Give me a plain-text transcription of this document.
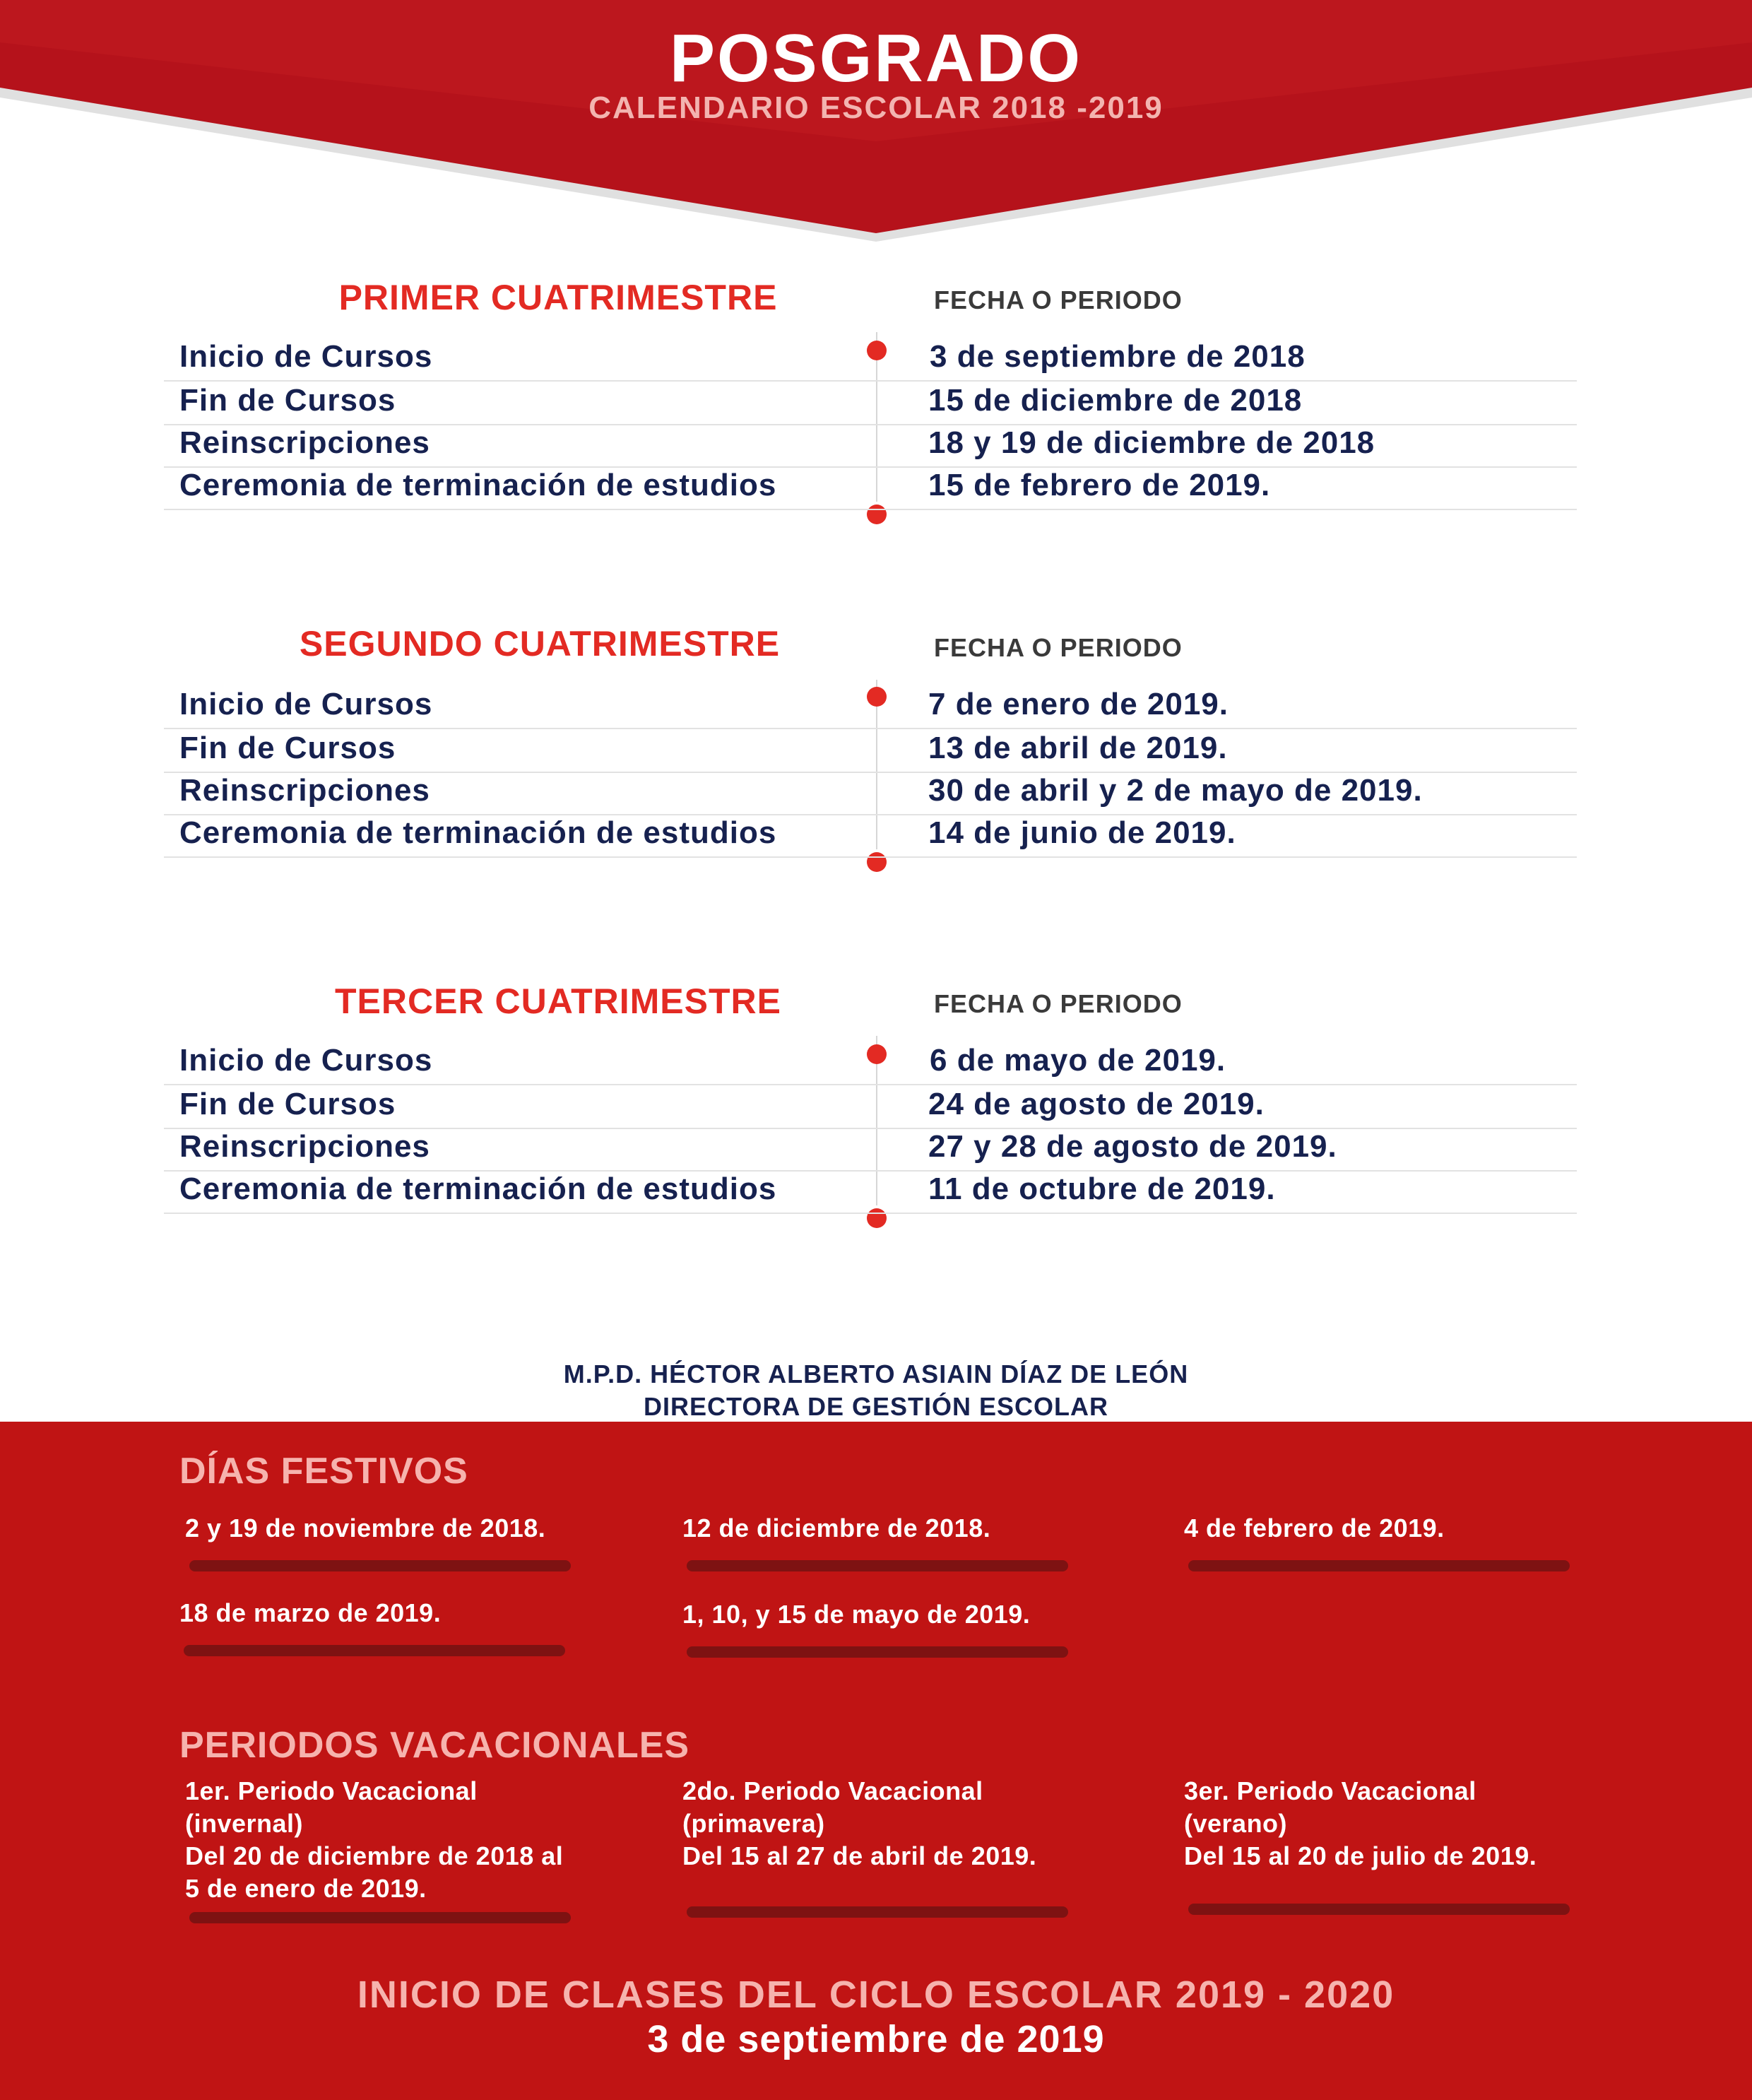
POSGRADO
CALENDARIO ESCOLAR 2018 -2019
PRIMER CUATRIMESTRE	FECHA O PERIODO
Inicio de Cursos	3 de septiembre de 2018
Fin de Cursos	15 de diciembre de 2018
Reinscripciones	18 y 19 de diciembre de 2018
Ceremonia de terminación de estudios	15 de febrero de 2019.
SEGUNDO CUATRIMESTRE	FECHA O PERIODO
Inicio de Cursos	7 de enero de 2019.
Fin de Cursos	13 de abril de 2019.
Reinscripciones	30 de abril y 2 de mayo de 2019.
Ceremonia de terminación de estudios	14 de junio de 2019.
TERCER CUATRIMESTRE	FECHA O PERIODO
Inicio de Cursos	6 de mayo de 2019.
Fin de Cursos	24 de agosto de 2019.
Reinscripciones	27 y 28 de agosto de 2019.
Ceremonia de terminación de estudios	11 de octubre de 2019.
M.P.D. HÉCTOR ALBERTO ASIAIN DÍAZ DE LEÓN
DIRECTORA DE GESTIÓN ESCOLAR
DÍAS FESTIVOS
2 y 19 de noviembre de 2018.	12 de diciembre de 2018.	4 de febrero de 2019.
18 de marzo de 2019.	1, 10, y 15 de mayo de 2019.
PERIODOS VACACIONALES
1er. Periodo Vacacional
(invernal)
Del 20 de diciembre de 2018 al
5 de enero de 2019.
2do. Periodo Vacacional
(primavera)
Del 15 al 27 de abril de 2019.
3er. Periodo Vacacional
(verano)
Del 15 al 20 de julio de 2019.
INICIO DE CLASES DEL CICLO ESCOLAR 2019 - 2020
3 de septiembre de 2019
